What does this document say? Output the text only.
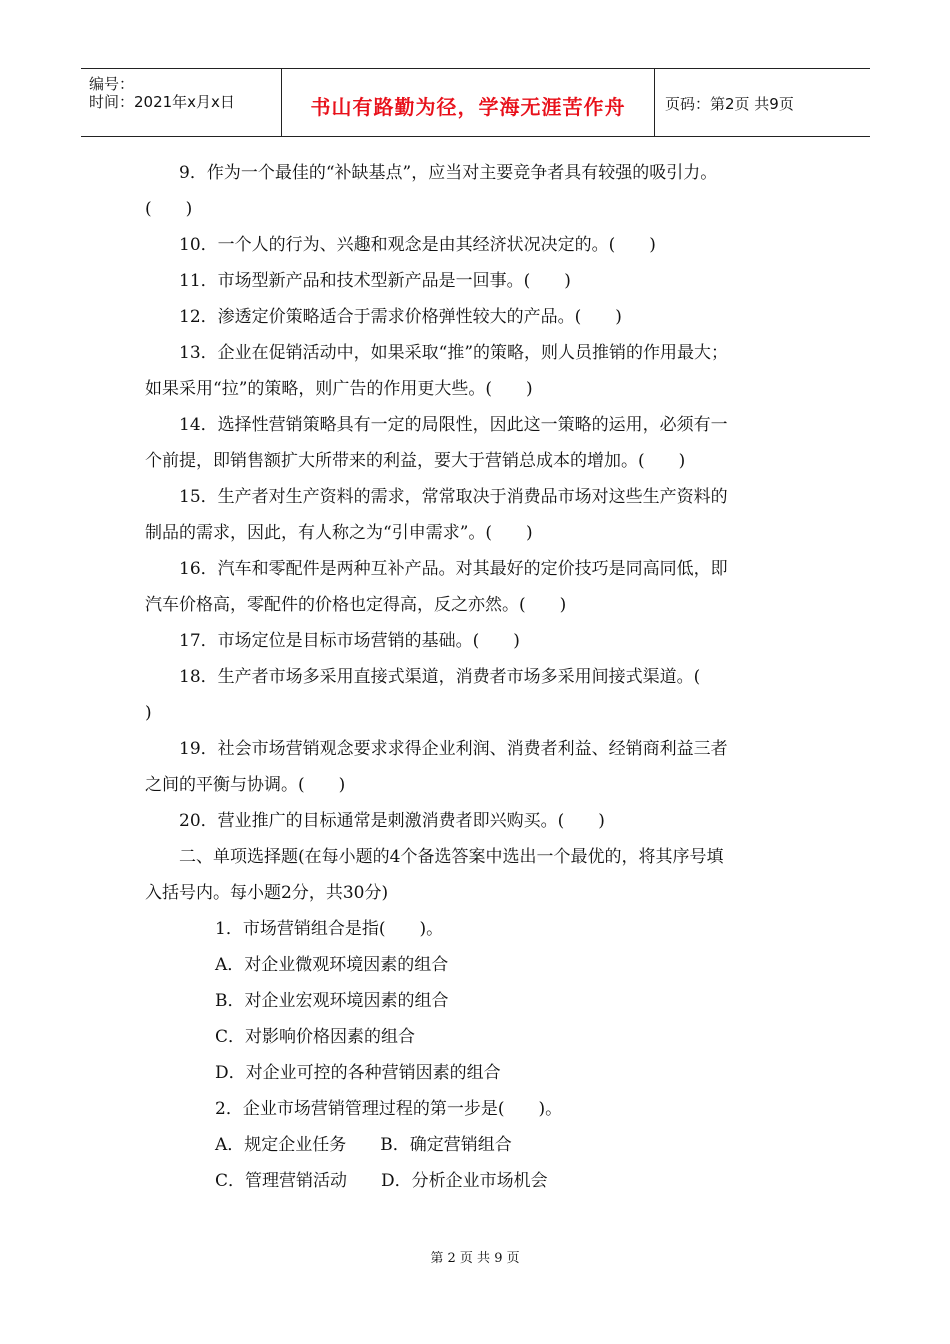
编号：
时间：2021年x月x日	书山有路勤为径，学海无涯苦作舟	页码：第2页 共9页
9．作为一个最佳的“补缺基点”，应当对主要竞争者具有较强的吸引力。
(　　)
10．一个人的行为、兴趣和观念是由其经济状况决定的。(　　)
11．市场型新产品和技术型新产品是一回事。(　　)
12．渗透定价策略适合于需求价格弹性较大的产品。(　　)
13．企业在促销活动中，如果采取“推”的策略，则人员推销的作用最大；
如果采用“拉”的策略，则广告的作用更大些。(　　)
14．选择性营销策略具有一定的局限性，因此这一策略的运用，必须有一
个前提，即销售额扩大所带来的利益，要大于营销总成本的增加。(　　)
15．生产者对生产资料的需求，常常取决于消费品市场对这些生产资料的
制品的需求，因此，有人称之为“引申需求”。(　　)
16．汽车和零配件是两种互补产品。对其最好的定价技巧是同高同低，即
汽车价格高，零配件的价格也定得高，反之亦然。(　　)
17．市场定位是目标市场营销的基础。(　　)
18．生产者市场多采用直接式渠道，消费者市场多采用间接式渠道。(
)
19．社会市场营销观念要求求得企业利润、消费者利益、经销商利益三者
之间的平衡与协调。(　　)
20．营业推广的目标通常是刺激消费者即兴购买。(　　)
二、单项选择题(在每小题的4个备选答案中选出一个最优的，将其序号填
入括号内。每小题2分，共30分)
1．市场营销组合是指(　　)。
A．对企业微观环境因素的组合
B．对企业宏观环境因素的组合
C．对影响价格因素的组合
D．对企业可控的各种营销因素的组合
2．企业市场营销管理过程的第一步是(　　)。
A．规定企业任务　　B．确定营销组合
C．管理营销活动　　D．分析企业市场机会
第 2 页 共 9 页
